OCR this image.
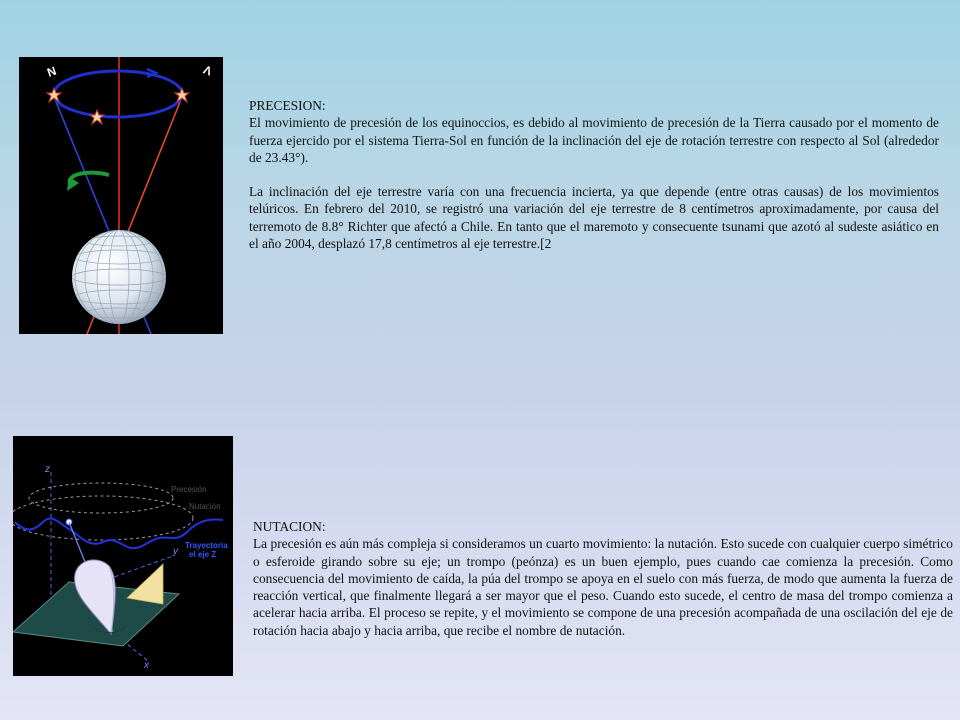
N	V
PRECESION:
El movimiento de precesión de los equinoccios, es debido al movimiento de precesión de la Tierra causado por el momento de fuerza ejercido por el sistema Tierra-Sol en función de la inclinación del eje de rotación terrestre con respecto al Sol (alrededor de 23.43°).
La inclinación del eje terrestre varía con una frecuencia incierta, ya que depende (entre otras causas) de los movimientos telúricos. En febrero del 2010, se registró una variación del eje terrestre de 8 centímetros aproximadamente, por causa del terremoto de 8.8° Richter que afectó a Chile. En tanto que el maremoto y consecuente tsunami que azotó al sudeste asiático en el año 2004, desplazó 17,8 centímetros al eje terrestre.[2
z
y
x
Precesión
Nutación
Trayectoria
el eje Z
NUTACION:
La precesión es aún más compleja si consideramos un cuarto movimiento: la nutación. Esto sucede con cualquier cuerpo simétrico o esferoide girando sobre su eje; un trompo (peónza) es un buen ejemplo, pues cuando cae comienza la precesión. Como consecuencia del movimiento de caída, la púa del trompo se apoya en el suelo con más fuerza, de modo que aumenta la fuerza de reacción vertical, que finalmente llegará a ser mayor que el peso. Cuando esto sucede, el centro de masa del trompo comienza a acelerar hacia arriba. El proceso se repite, y el movimiento se compone de una precesión acompañada de una oscilación del eje de rotación hacia abajo y hacia arriba, que recibe el nombre de nutación.
